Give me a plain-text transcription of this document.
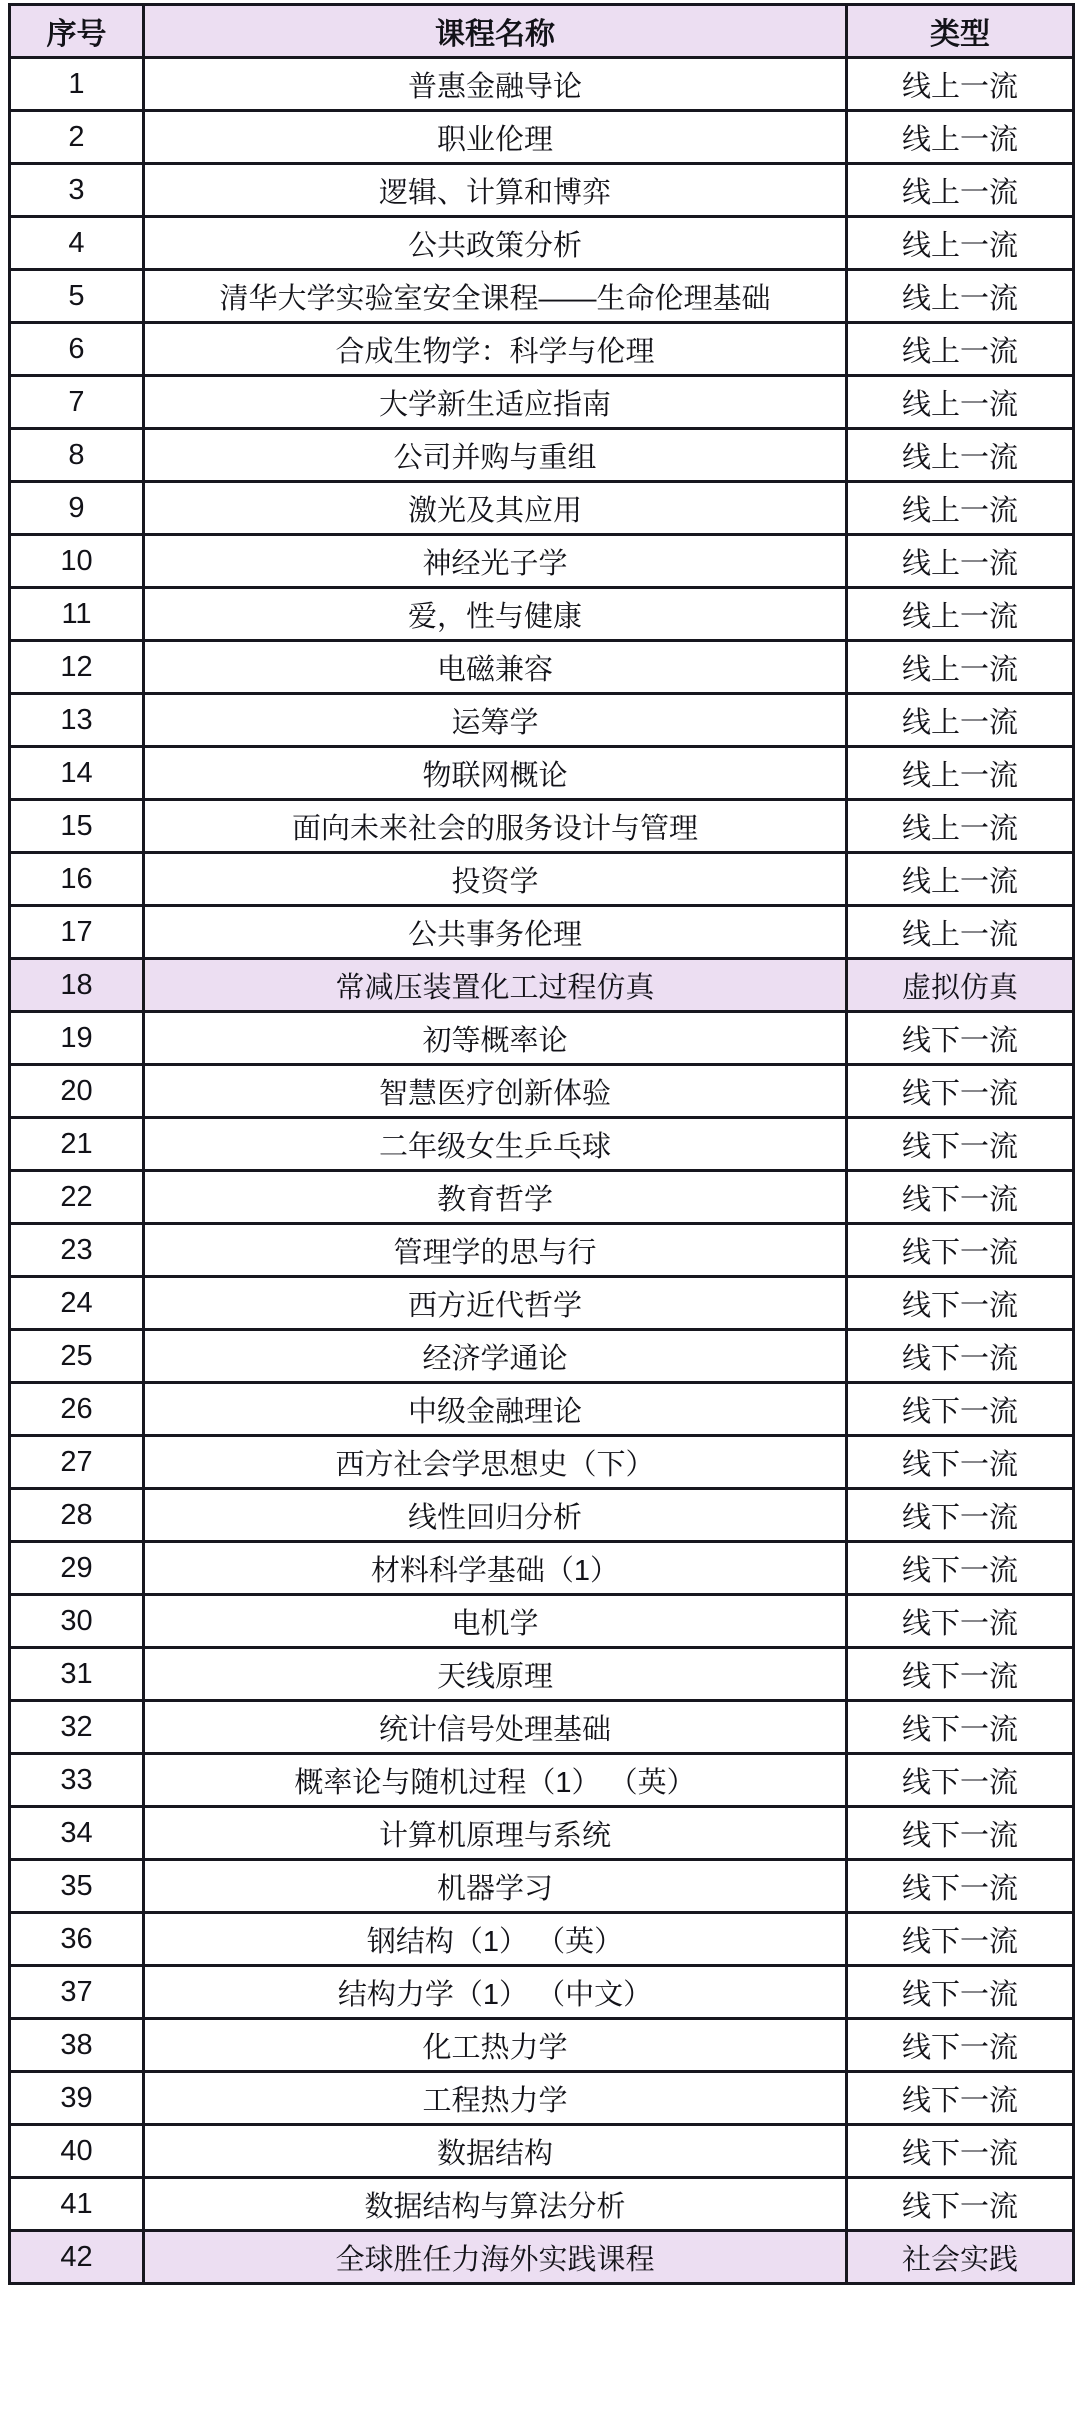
序号	课程名称	类型
1	普惠金融导论	线上一流
2	职业伦理	线上一流
3	逻辑、计算和博弈	线上一流
4	公共政策分析	线上一流
5	清华大学实验室安全课程——生命伦理基础	线上一流
6	合成生物学：科学与伦理	线上一流
7	大学新生适应指南	线上一流
8	公司并购与重组	线上一流
9	激光及其应用	线上一流
10	神经光子学	线上一流
11	爱，性与健康	线上一流
12	电磁兼容	线上一流
13	运筹学	线上一流
14	物联网概论	线上一流
15	面向未来社会的服务设计与管理	线上一流
16	投资学	线上一流
17	公共事务伦理	线上一流
18	常减压装置化工过程仿真	虚拟仿真
19	初等概率论	线下一流
20	智慧医疗创新体验	线下一流
21	二年级女生乒乓球	线下一流
22	教育哲学	线下一流
23	管理学的思与行	线下一流
24	西方近代哲学	线下一流
25	经济学通论	线下一流
26	中级金融理论	线下一流
27	西方社会学思想史（下）	线下一流
28	线性回归分析	线下一流
29	材料科学基础（1）	线下一流
30	电机学	线下一流
31	天线原理	线下一流
32	统计信号处理基础	线下一流
33	概率论与随机过程（1） （英）	线下一流
34	计算机原理与系统	线下一流
35	机器学习	线下一流
36	钢结构（1） （英）	线下一流
37	结构力学（1） （中文）	线下一流
38	化工热力学	线下一流
39	工程热力学	线下一流
40	数据结构	线下一流
41	数据结构与算法分析	线下一流
42	全球胜任力海外实践课程	社会实践
